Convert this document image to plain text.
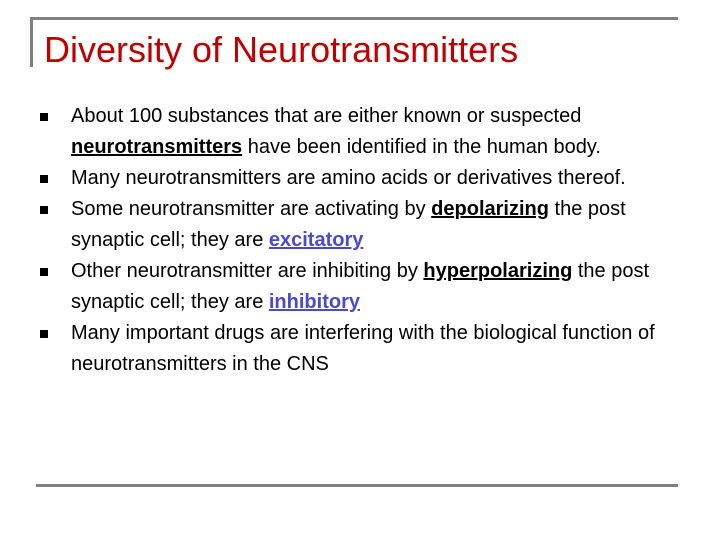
Diversity of Neurotransmitters
About 100 substances that are either known or suspected neurotransmitters have been identified in the human body.
Many neurotransmitters are amino acids or derivatives thereof.
Some neurotransmitter are activating by depolarizing the post synaptic cell; they are excitatory
Other neurotransmitter are inhibiting by hyperpolarizing the post synaptic cell; they are inhibitory
Many important drugs are interfering with the biological function of neurotransmitters in the CNS
